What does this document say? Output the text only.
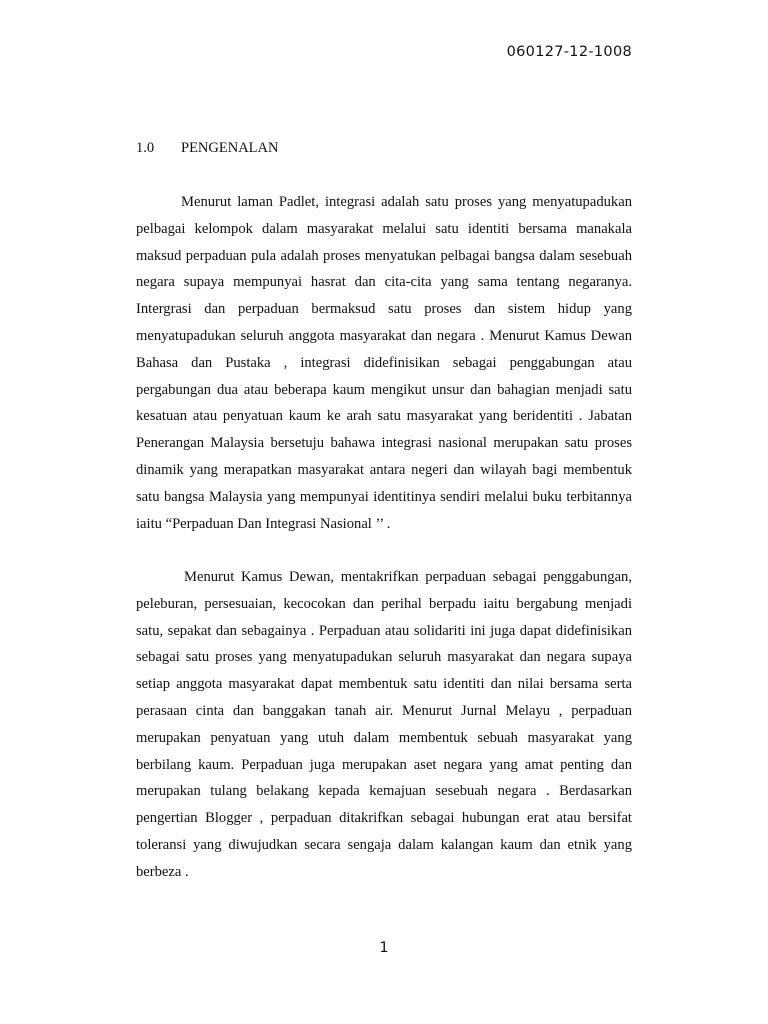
060127-12-1008
1.0	PENGENALAN

Menurut laman Padlet, integrasi adalah satu proses yang menyatupadukan pelbagai kelompok dalam masyarakat melalui satu identiti bersama manakala maksud perpaduan pula adalah proses menyatukan pelbagai bangsa dalam sesebuah negara supaya mempunyai hasrat dan cita-cita yang sama tentang negaranya. Intergrasi dan perpaduan bermaksud satu proses dan sistem hidup yang menyatupadukan seluruh anggota masyarakat dan negara . Menurut Kamus Dewan Bahasa dan Pustaka , integrasi didefinisikan sebagai penggabungan atau pergabungan dua atau beberapa kaum mengikut unsur dan bahagian menjadi satu kesatuan atau penyatuan kaum ke arah satu masyarakat yang beridentiti . Jabatan Penerangan Malaysia bersetuju bahawa integrasi nasional merupakan satu proses dinamik yang merapatkan masyarakat antara negeri dan wilayah bagi membentuk satu bangsa Malaysia yang mempunyai identitinya sendiri melalui buku terbitannya iaitu “Perpaduan Dan Integrasi Nasional ’’ .

Menurut Kamus Dewan, mentakrifkan perpaduan sebagai penggabungan, peleburan, persesuaian, kecocokan dan perihal berpadu iaitu bergabung menjadi satu, sepakat dan sebagainya . Perpaduan atau solidariti ini juga dapat didefinisikan sebagai satu proses yang menyatupadukan seluruh masyarakat dan negara supaya setiap anggota masyarakat dapat membentuk satu identiti dan nilai bersama serta perasaan cinta dan banggakan tanah air. Menurut Jurnal Melayu , perpaduan merupakan penyatuan yang utuh dalam membentuk sebuah masyarakat yang berbilang kaum. Perpaduan juga merupakan aset negara yang amat penting dan merupakan tulang belakang kepada kemajuan sesebuah negara . Berdasarkan pengertian Blogger , perpaduan ditakrifkan sebagai hubungan erat atau bersifat toleransi yang diwujudkan secara sengaja dalam kalangan kaum dan etnik yang berbeza .

1
